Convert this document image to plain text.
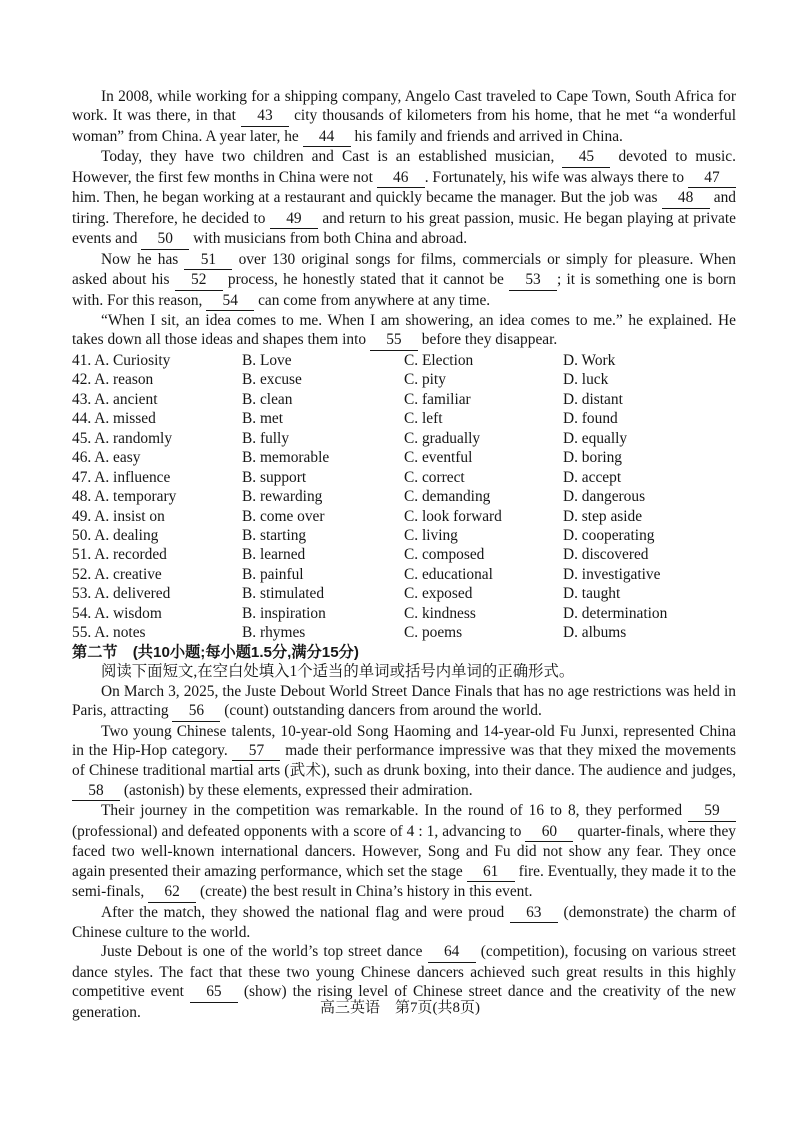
In 2008, while working for a shipping company, Angelo Cast traveled to Cape Town, South Africa for work. It was there, in that 43 city thousands of kilometers from his home, that he met “a wonderful woman” from China. A year later, he 44 his family and friends and arrived in China.

Today, they have two children and Cast is an established musician, 45 devoted to music. However, the first few months in China were not 46 . Fortunately, his wife was always there to 47 him. Then, he began working at a restaurant and quickly became the manager. But the job was 48 and tiring. Therefore, he decided to 49 and return to his great passion, music. He began playing at private events and 50 with musicians from both China and abroad.

Now he has 51 over 130 original songs for films, commercials or simply for pleasure. When asked about his 52 process, he honestly stated that it cannot be 53 ; it is something one is born with. For this reason, 54 can come from anywhere at any time.

“When I sit, an idea comes to me. When I am showering, an idea comes to me.” he explained. He takes down all those ideas and shapes them into 55 before they disappear.

41. A. Curiosity	B. Love	C. Election	D. Work
42. A. reason	B. excuse	C. pity	D. luck
43. A. ancient	B. clean	C. familiar	D. distant
44. A. missed	B. met	C. left	D. found
45. A. randomly	B. fully	C. gradually	D. equally
46. A. easy	B. memorable	C. eventful	D. boring
47. A. influence	B. support	C. correct	D. accept
48. A. temporary	B. rewarding	C. demanding	D. dangerous
49. A. insist on	B. come over	C. look forward	D. step aside
50. A. dealing	B. starting	C. living	D. cooperating
51. A. recorded	B. learned	C. composed	D. discovered
52. A. creative	B. painful	C. educational	D. investigative
53. A. delivered	B. stimulated	C. exposed	D. taught
54. A. wisdom	B. inspiration	C. kindness	D. determination
55. A. notes	B. rhymes	C. poems	D. albums

第二节　(共10小题;每小题1.5分,满分15分)

阅读下面短文,在空白处填入1个适当的单词或括号内单词的正确形式。

On March 3, 2025, the Juste Debout World Street Dance Finals that has no age restrictions was held in Paris, attracting 56 (count) outstanding dancers from around the world.

Two young Chinese talents, 10-year-old Song Haoming and 14-year-old Fu Junxi, represented China in the Hip-Hop category. 57 made their performance impressive was that they mixed the movements of Chinese traditional martial arts (武术), such as drunk boxing, into their dance. The audience and judges, 58 (astonish) by these elements, expressed their admiration.

Their journey in the competition was remarkable. In the round of 16 to 8, they performed 59 (professional) and defeated opponents with a score of 4 : 1, advancing to 60 quarter-finals, where they faced two well-known international dancers. However, Song and Fu did not show any fear. They once again presented their amazing performance, which set the stage 61 fire. Eventually, they made it to the semi-finals, 62 (create) the best result in China’s history in this event.

After the match, they showed the national flag and were proud 63 (demonstrate) the charm of Chinese culture to the world.

Juste Debout is one of the world’s top street dance 64 (competition), focusing on various street dance styles. The fact that these two young Chinese dancers achieved such great results in this highly competitive event 65 (show) the rising level of Chinese street dance and the creativity of the new generation.	高三英语　第7页(共8页)
